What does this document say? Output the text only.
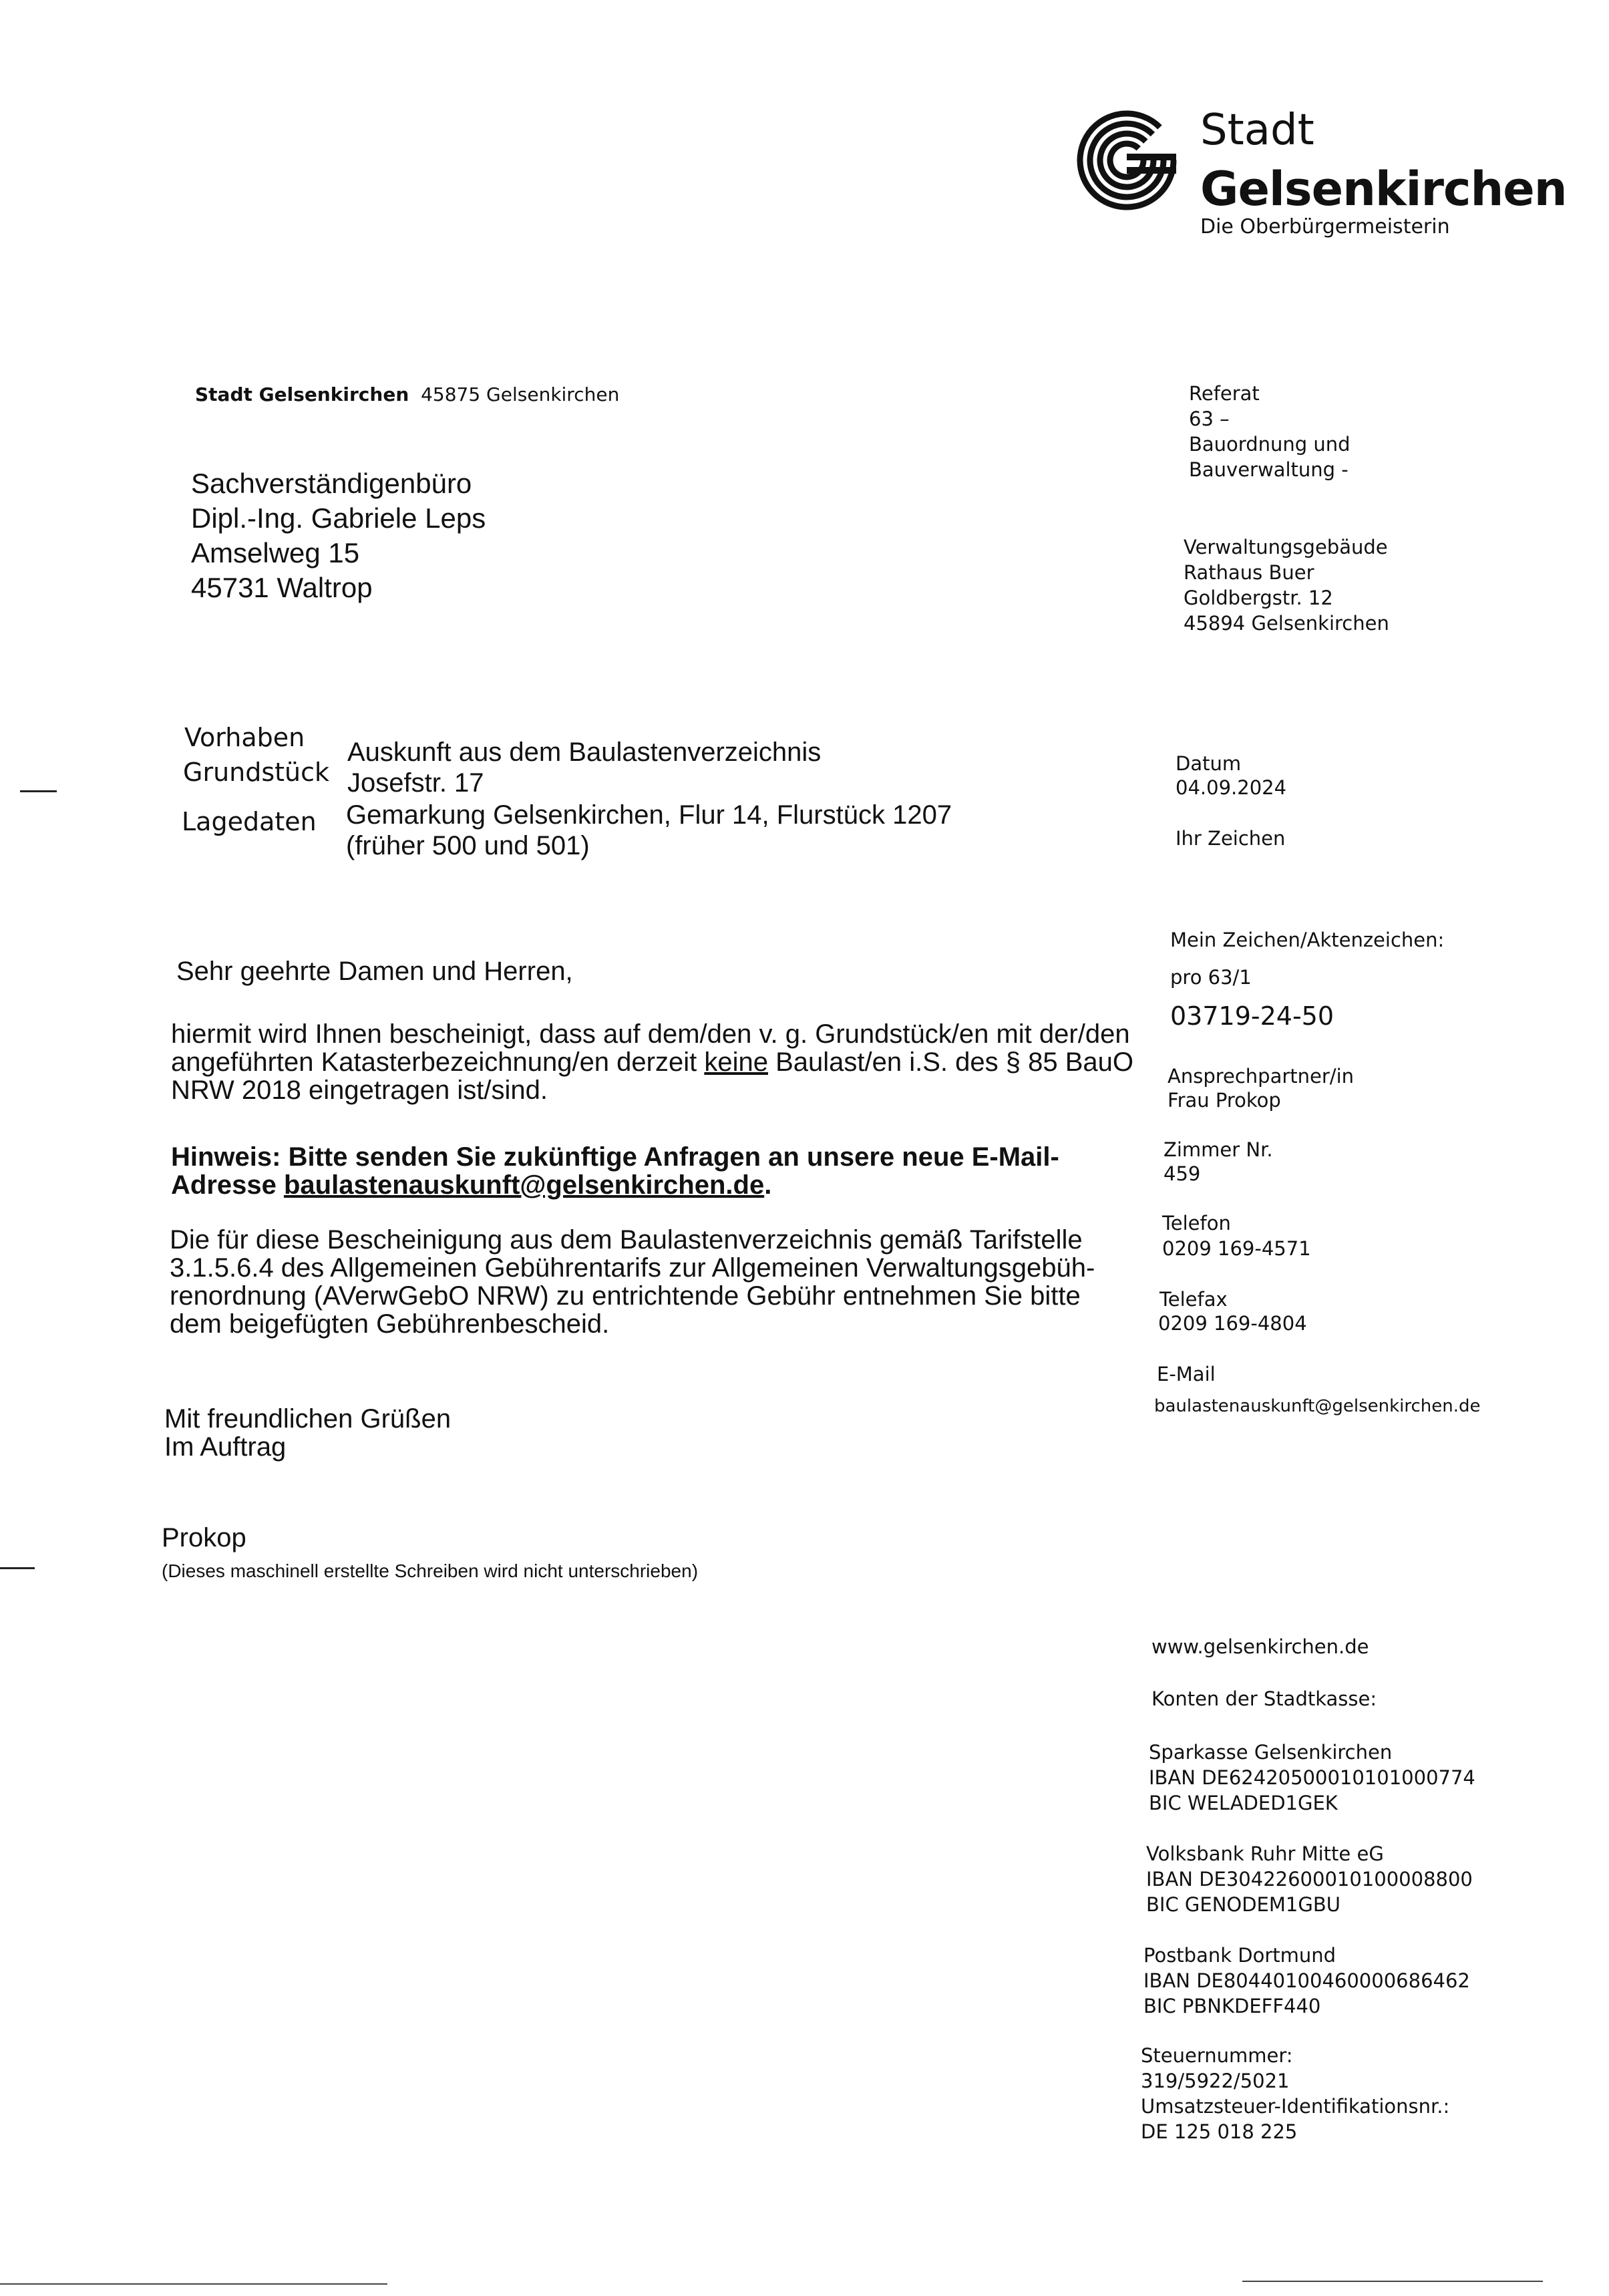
Stadt
Gelsenkirchen
Die Oberbürgermeisterin
Stadt Gelsenkirchen 45875 Gelsenkirchen
Sachverständigenbüro
Dipl.-Ing. Gabriele Leps
Amselweg 15
45731 Waltrop
Referat
63 –
Bauordnung und
Bauverwaltung -
Verwaltungsgebäude
Rathaus Buer
Goldbergstr. 12
45894 Gelsenkirchen
Vorhaben Auskunft aus dem Baulastenverzeichnis
Grundstück Josefstr. 17
Lagedaten Gemarkung Gelsenkirchen, Flur 14, Flurstück 1207
(früher 500 und 501)
Datum
04.09.2024
Ihr Zeichen
Mein Zeichen/Aktenzeichen:
pro 63/1
03719-24-50
Ansprechpartner/in
Frau Prokop
Zimmer Nr.
459
Telefon
0209 169-4571
Telefax
0209 169-4804
E-Mail
baulastenauskunft@gelsenkirchen.de
Sehr geehrte Damen und Herren,
hiermit wird Ihnen bescheinigt, dass auf dem/den v. g. Grundstück/en mit der/den
angeführten Katasterbezeichnung/en derzeit keine Baulast/en i.S. des § 85 BauO
NRW 2018 eingetragen ist/sind.
Hinweis: Bitte senden Sie zukünftige Anfragen an unsere neue E-Mail-
Adresse baulastenauskunft@gelsenkirchen.de.
Die für diese Bescheinigung aus dem Baulastenverzeichnis gemäß Tarifstelle
3.1.5.6.4 des Allgemeinen Gebührentarifs zur Allgemeinen Verwaltungsgebüh-
renordnung (AVerwGebO NRW) zu entrichtende Gebühr entnehmen Sie bitte
dem beigefügten Gebührenbescheid.
Mit freundlichen Grüßen
Im Auftrag
Prokop
(Dieses maschinell erstellte Schreiben wird nicht unterschrieben)
www.gelsenkirchen.de
Konten der Stadtkasse:
Sparkasse Gelsenkirchen
IBAN DE62420500010101000774
BIC WELADED1GEK
Volksbank Ruhr Mitte eG
IBAN DE30422600010100008800
BIC GENODEM1GBU
Postbank Dortmund
IBAN DE80440100460000686462
BIC PBNKDEFF440
Steuernummer:
319/5922/5021
Umsatzsteuer-Identifikationsnr.:
DE 125 018 225
